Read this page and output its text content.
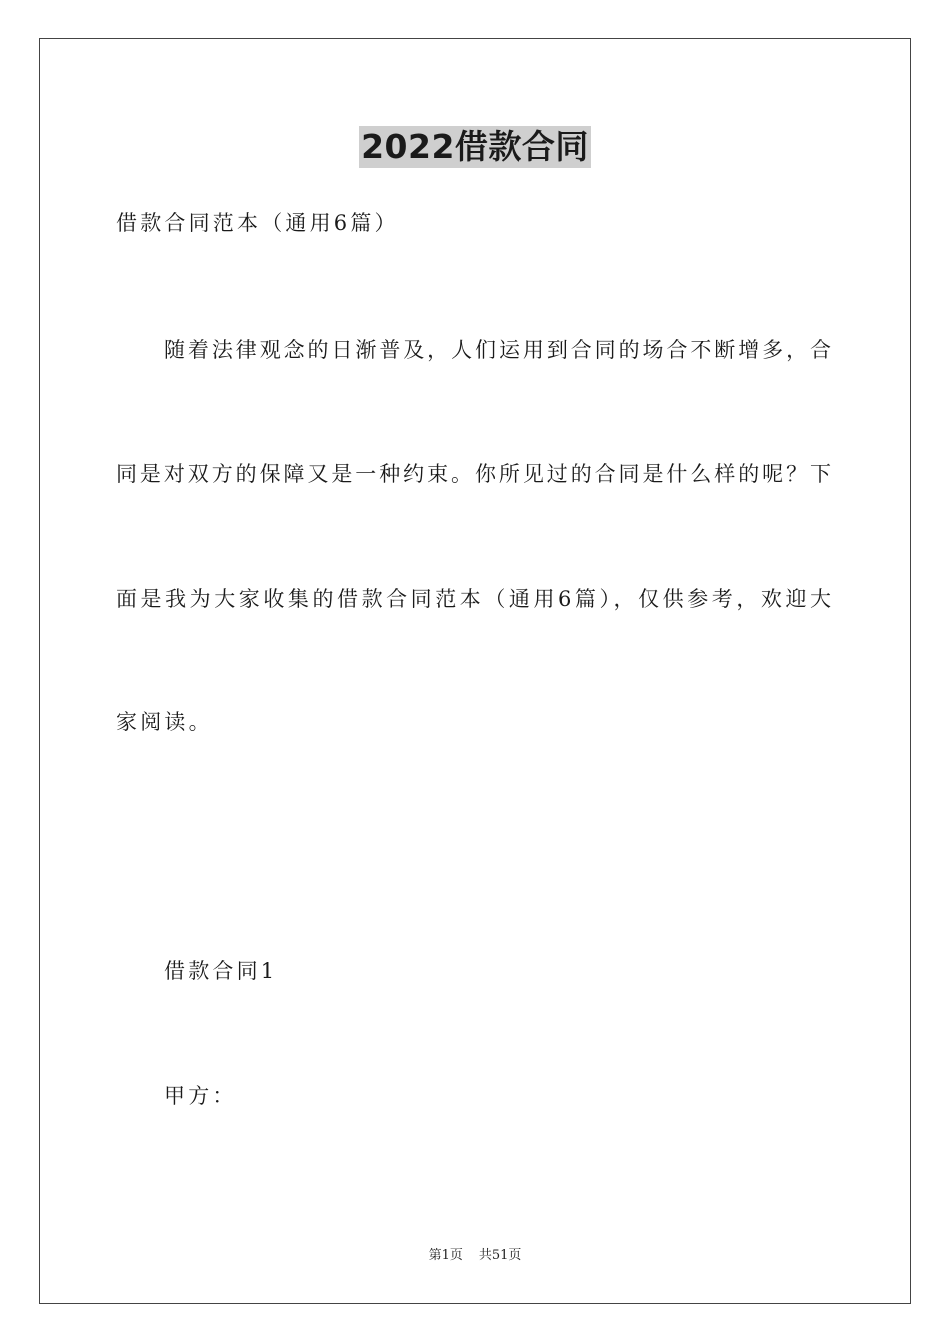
2022借款合同
借款合同范本（通用6篇）
随着法律观念的日渐普及，人们运用到合同的场合不断增多，合
同是对双方的保障又是一种约束。你所见过的合同是什么样的呢？下
面是我为大家收集的借款合同范本（通用6篇），仅供参考，欢迎大
家阅读。
借款合同1
甲方：
第1页 共51页
